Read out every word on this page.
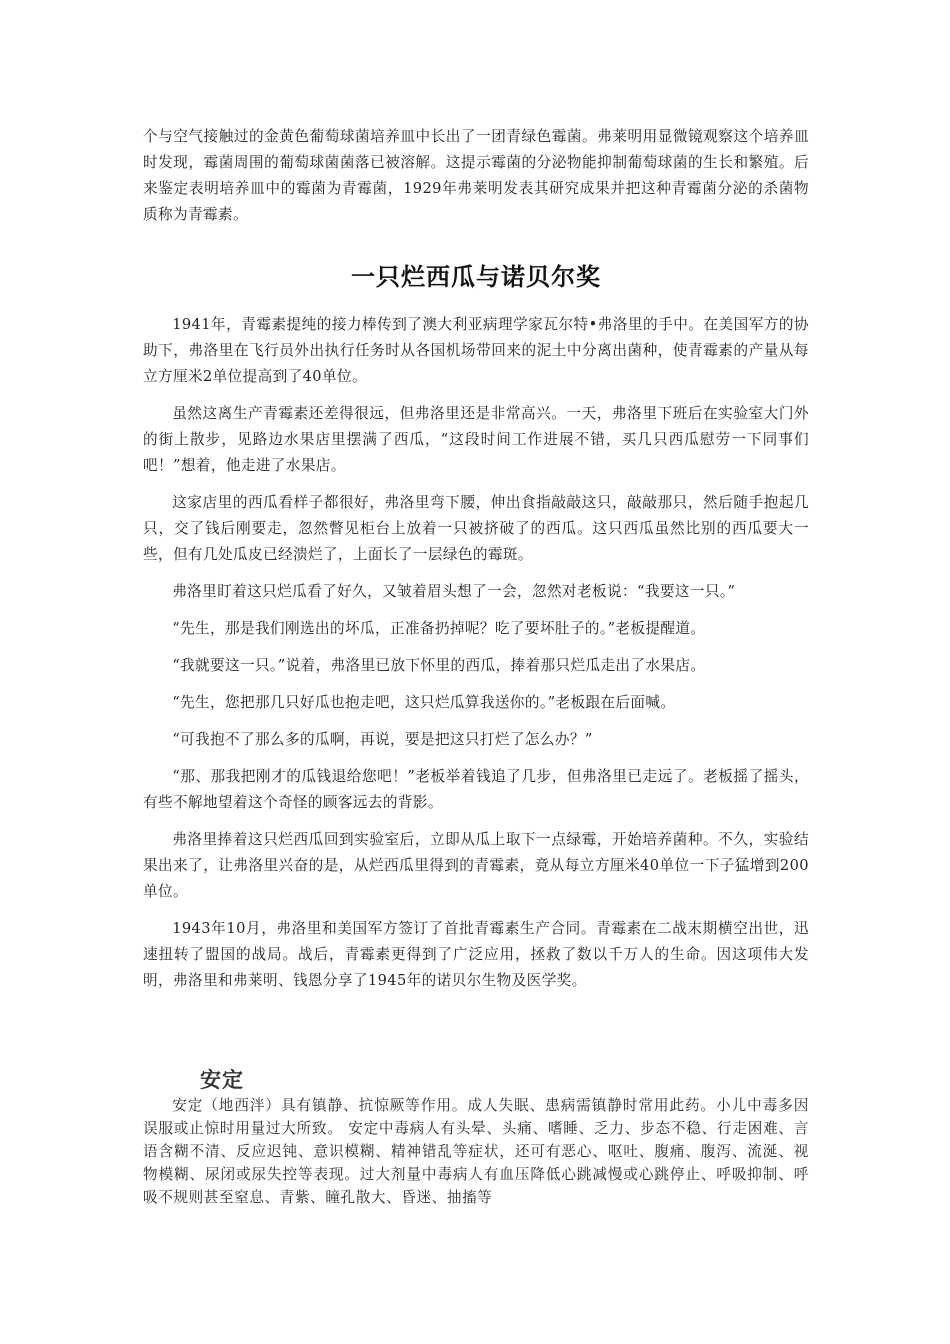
个与空气接触过的金黄色葡萄球菌培养皿中长出了一团青绿色霉菌。弗莱明用显微镜观察这个培养皿时发现，霉菌周围的葡萄球菌菌落已被溶解。这提示霉菌的分泌物能抑制葡萄球菌的生长和繁殖。后来鉴定表明培养皿中的霉菌为青霉菌，1929年弗莱明发表其研究成果并把这种青霉菌分泌的杀菌物质称为青霉素。

一只烂西瓜与诺贝尔奖

1941年，青霉素提纯的接力棒传到了澳大利亚病理学家瓦尔特•弗洛里的手中。在美国军方的协助下，弗洛里在飞行员外出执行任务时从各国机场带回来的泥土中分离出菌种，使青霉素的产量从每立方厘米2单位提高到了40单位。

虽然这离生产青霉素还差得很远，但弗洛里还是非常高兴。一天，弗洛里下班后在实验室大门外的街上散步，见路边水果店里摆满了西瓜，“这段时间工作进展不错，买几只西瓜慰劳一下同事们吧！”想着，他走进了水果店。

这家店里的西瓜看样子都很好，弗洛里弯下腰，伸出食指敲敲这只，敲敲那只，然后随手抱起几只，交了钱后刚要走，忽然瞥见柜台上放着一只被挤破了的西瓜。这只西瓜虽然比别的西瓜要大一些，但有几处瓜皮已经溃烂了，上面长了一层绿色的霉斑。

弗洛里盯着这只烂瓜看了好久，又皱着眉头想了一会，忽然对老板说：“我要这一只。”

“先生，那是我们刚选出的坏瓜，正准备扔掉呢？吃了要坏肚子的。”老板提醒道。

“我就要这一只。”说着，弗洛里已放下怀里的西瓜，捧着那只烂瓜走出了水果店。

“先生，您把那几只好瓜也抱走吧，这只烂瓜算我送你的。”老板跟在后面喊。

“可我抱不了那么多的瓜啊，再说，要是把这只打烂了怎么办？”

“那、那我把刚才的瓜钱退给您吧！”老板举着钱追了几步，但弗洛里已走远了。老板摇了摇头，有些不解地望着这个奇怪的顾客远去的背影。

弗洛里捧着这只烂西瓜回到实验室后，立即从瓜上取下一点绿霉，开始培养菌种。不久，实验结果出来了，让弗洛里兴奋的是，从烂西瓜里得到的青霉素，竟从每立方厘米40单位一下子猛增到200单位。

1943年10月，弗洛里和美国军方签订了首批青霉素生产合同。青霉素在二战末期横空出世，迅速扭转了盟国的战局。战后，青霉素更得到了广泛应用，拯救了数以千万人的生命。因这项伟大发明，弗洛里和弗莱明、钱恩分享了1945年的诺贝尔生物及医学奖。

安定

安定（地西泮）具有镇静、抗惊厥等作用。成人失眠、患病需镇静时常用此药。小儿中毒多因误服或止惊时用量过大所致。 安定中毒病人有头晕、头痛、嗜睡、乏力、步态不稳、行走困难、言语含糊不清、反应迟钝、意识模糊、精神错乱等症状，还可有恶心、呕吐、腹痛、腹泻、流涎、视物模糊、尿闭或尿失控等表现。过大剂量中毒病人有血压降低心跳减慢或心跳停止、呼吸抑制、呼吸不规则甚至窒息、青紫、瞳孔散大、昏迷、抽搐等
